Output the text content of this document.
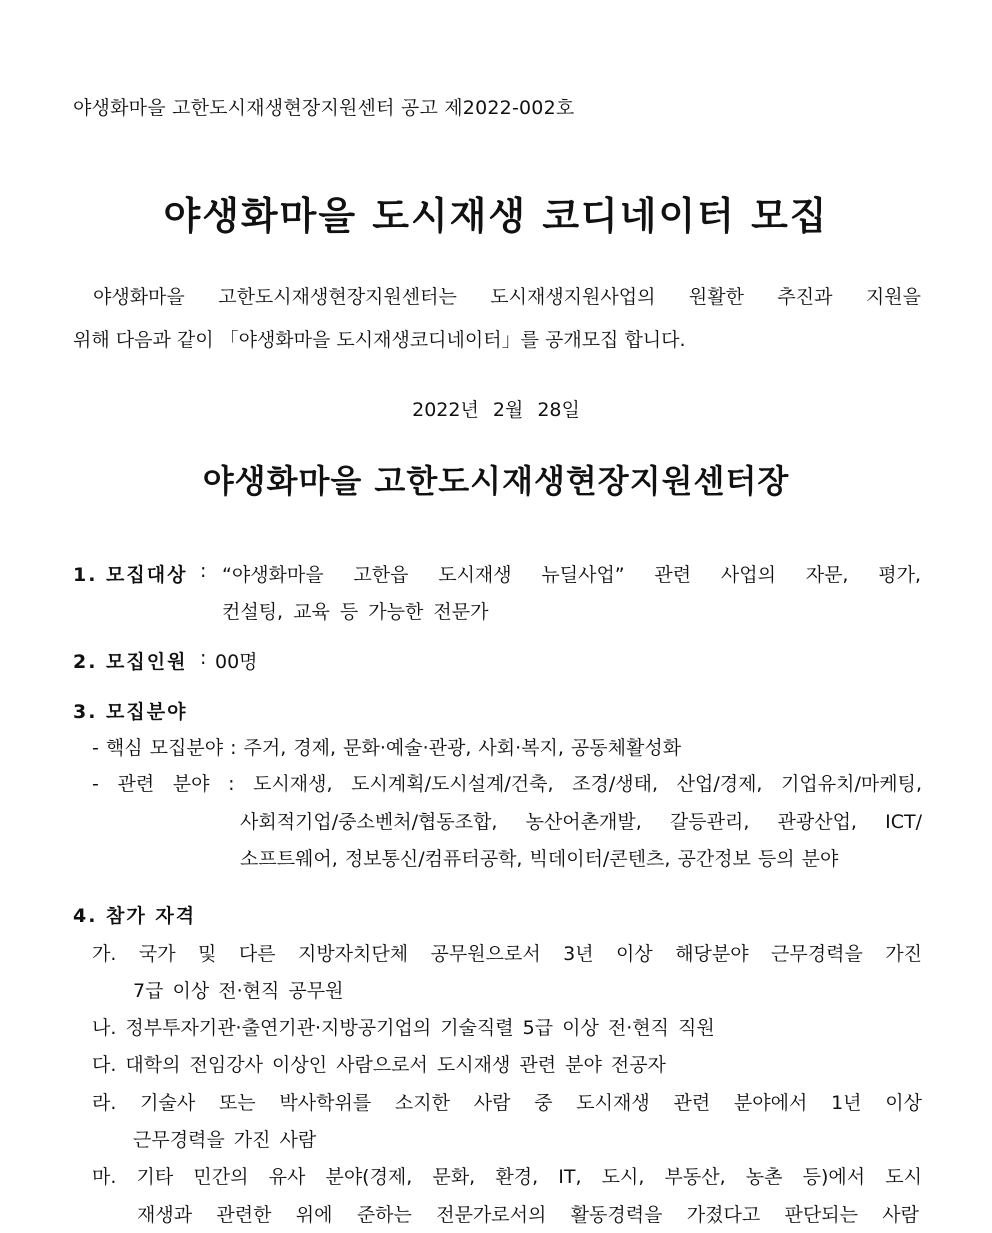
야생화마을 고한도시재생현장지원센터 공고 제2022-002호
야생화마을 도시재생 코디네이터 모집
야생화마을 고한도시재생현장지원센터는 도시재생지원사업의 원활한 추진과 지원을
위해 다음과 같이 「야생화마을 도시재생코디네이터」를 공개모집 합니다.
2022년 2월 28일
야생화마을 고한도시재생현장지원센터장
1. 모집대상 : “야생화마을 고한읍 도시재생 뉴딜사업” 관련 사업의 자문, 평가,
컨설팅, 교육 등 가능한 전문가
2. 모집인원 : 00명
3. 모집분야
- 핵심 모집분야 : 주거, 경제, 문화·예술·관광, 사회·복지, 공동체활성화
- 관련 분야 : 도시재생, 도시계획/도시설계/건축, 조경/생태, 산업/경제, 기업유치/마케팅,
사회적기업/중소벤처/협동조합, 농산어촌개발, 갈등관리, 관광산업, ICT/
소프트웨어, 정보통신/컴퓨터공학, 빅데이터/콘텐츠, 공간정보 등의 분야
4. 참가 자격
가. 국가 및 다른 지방자치단체 공무원으로서 3년 이상 해당분야 근무경력을 가진
7급 이상 전·현직 공무원
나. 정부투자기관·출연기관·지방공기업의 기술직렬 5급 이상 전·현직 직원
다. 대학의 전임강사 이상인 사람으로서 도시재생 관련 분야 전공자
라. 기술사 또는 박사학위를 소지한 사람 중 도시재생 관련 분야에서 1년 이상
근무경력을 가진 사람
마. 기타 민간의 유사 분야(경제, 문화, 환경, IT, 도시, 부동산, 농촌 등)에서 도시
재생과 관련한 위에 준하는 전문가로서의 활동경력을 가졌다고 판단되는 사람
